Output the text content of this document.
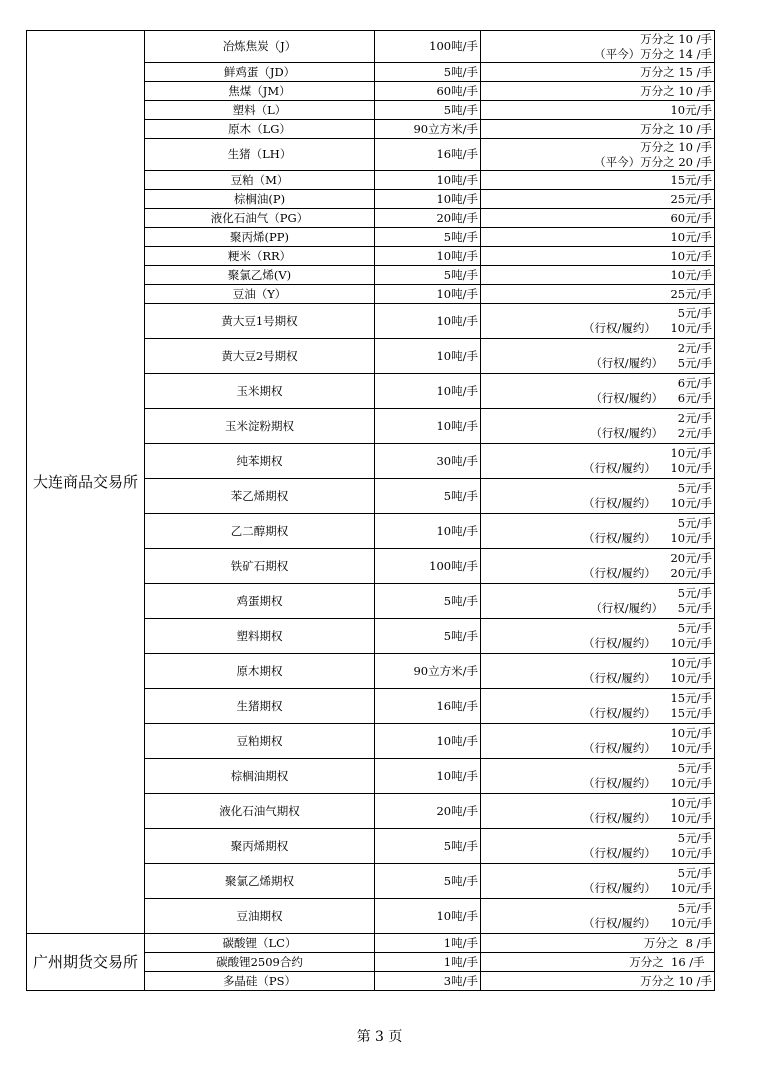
大连商品交易所	冶炼焦炭（J）	100吨/手	万分之 10 /手
（平今）万分之 14 /手

	鲜鸡蛋（JD）	5吨/手	万分之 15 /手

	焦煤（JM）	60吨/手	万分之 10 /手

	塑料（L）	5吨/手	10元/手

	原木（LG）	90立方米/手	万分之 10 /手

	生猪（LH）	16吨/手	万分之 10 /手
（平今）万分之 20 /手

	豆粕（M）	10吨/手	15元/手

	棕榈油(P)	10吨/手	25元/手

	液化石油气（PG）	20吨/手	60元/手

	聚丙烯(PP)	5吨/手	10元/手

	粳米（RR）	10吨/手	10元/手

	聚氯乙烯(V)	5吨/手	10元/手

	豆油（Y）	10吨/手	25元/手

	黄大豆1号期权	10吨/手	5元/手
（行权/履约）    10元/手

	黄大豆2号期权	10吨/手	2元/手
（行权/履约）    5元/手

	玉米期权	10吨/手	6元/手
（行权/履约）    6元/手

	玉米淀粉期权	10吨/手	2元/手
（行权/履约）    2元/手

	纯苯期权	30吨/手	10元/手
（行权/履约）    10元/手

	苯乙烯期权	5吨/手	5元/手
（行权/履约）    10元/手

	乙二醇期权	10吨/手	5元/手
（行权/履约）    10元/手

	铁矿石期权	100吨/手	20元/手
（行权/履约）    20元/手

	鸡蛋期权	5吨/手	5元/手
（行权/履约）    5元/手

	塑料期权	5吨/手	5元/手
（行权/履约）    10元/手

	原木期权	90立方米/手	10元/手
（行权/履约）    10元/手

	生猪期权	16吨/手	15元/手
（行权/履约）    15元/手

	豆粕期权	10吨/手	10元/手
（行权/履约）    10元/手

	棕榈油期权	10吨/手	5元/手
（行权/履约）    10元/手

	液化石油气期权	20吨/手	10元/手
（行权/履约）    10元/手

	聚丙烯期权	5吨/手	5元/手
（行权/履约）    10元/手

	聚氯乙烯期权	5吨/手	5元/手
（行权/履约）    10元/手

	豆油期权	10吨/手	5元/手
（行权/履约）    10元/手

广州期货交易所	碳酸锂（LC）	1吨/手	万分之  8 /手

	碳酸锂2509合约	1吨/手	万分之  16 /手

	多晶硅（PS）	3吨/手	万分之 10 /手
第 3 页
